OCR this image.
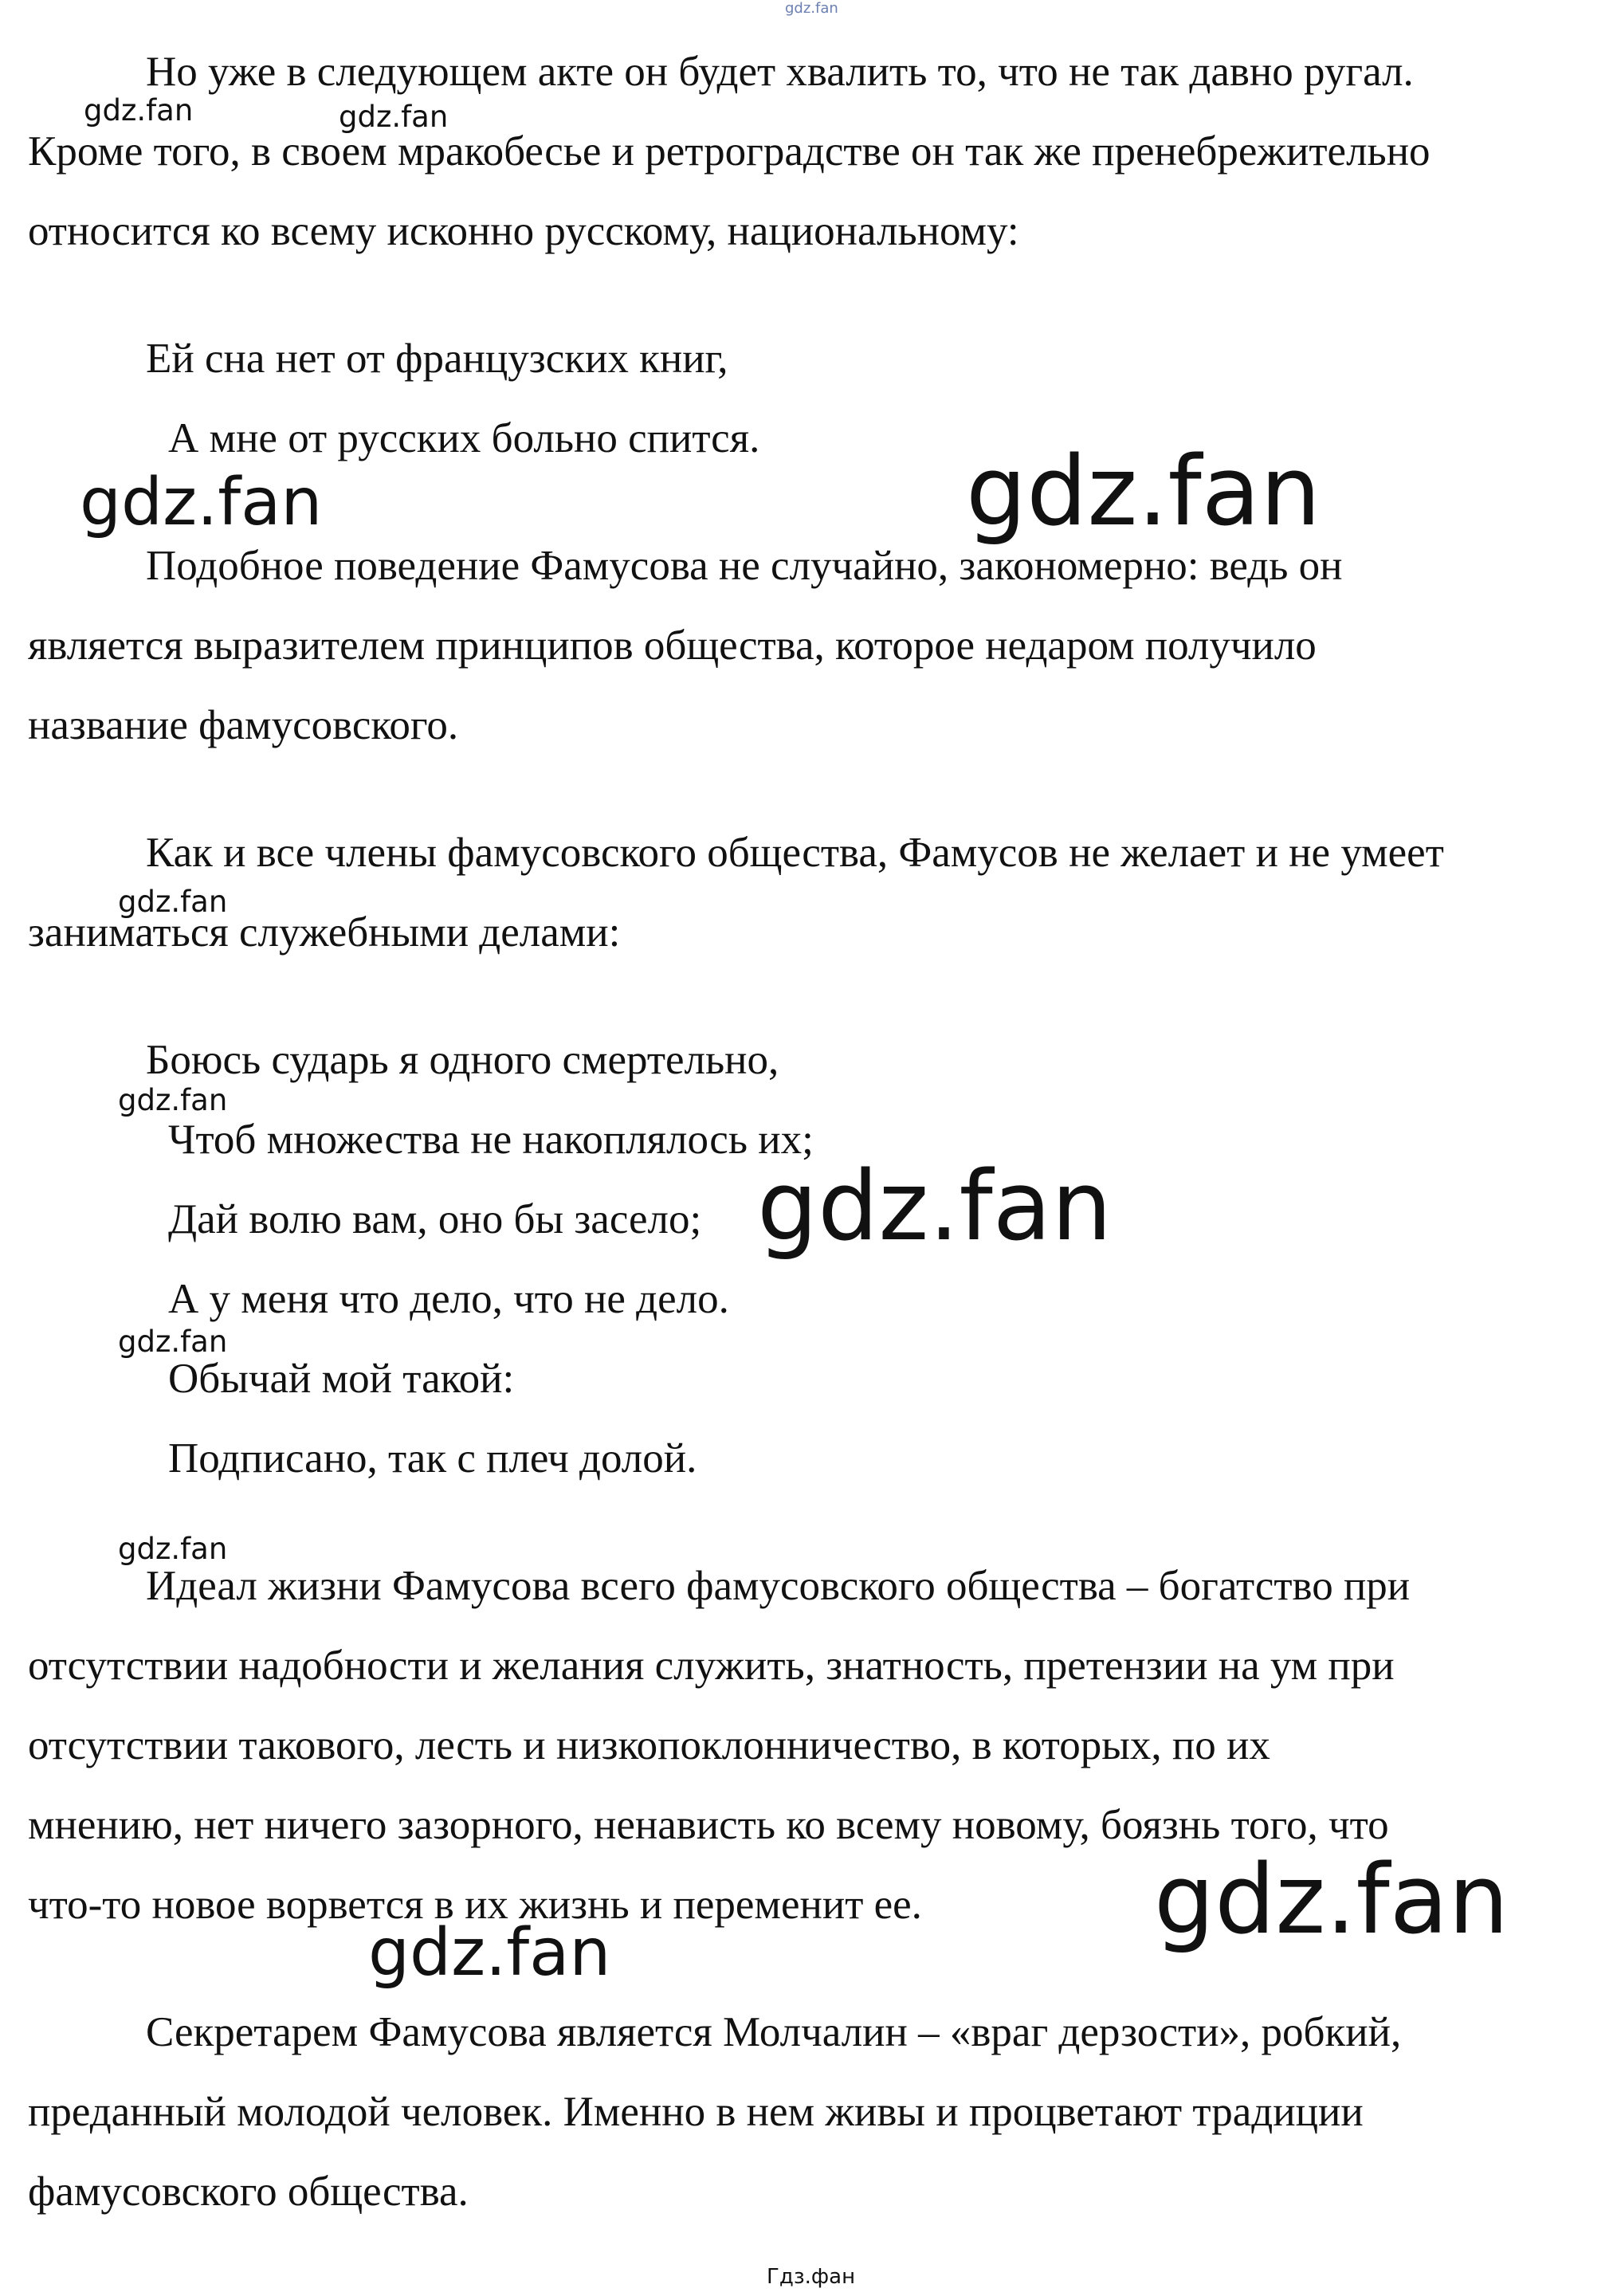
gdz.fan
Но уже в следующем акте он будет хвалить то, что не так давно ругал.
Кроме того, в своем мракобесье и ретроградстве он так же пренебрежительно
относится ко всему исконно русскому, национальному:
Ей сна нет от французских книг,
А мне от русских больно спится.
Подобное поведение Фамусова не случайно, закономерно: ведь он
является выразителем принципов общества, которое недаром получило
название фамусовского.
Как и все члены фамусовского общества, Фамусов не желает и не умеет
заниматься служебными делами:
Боюсь сударь я одного смертельно,
Чтоб множества не накоплялось их;
Дай волю вам, оно бы засело;
А у меня что дело, что не дело.
Обычай мой такой:
Подписано, так с плеч долой.
Идеал жизни Фамусова всего фамусовского общества – богатство при
отсутствии надобности и желания служить, знатность, претензии на ум при
отсутствии такового, лесть и низкопоклонничество, в которых, по их
мнению, нет ничего зазорного, ненависть ко всему новому, боязнь того, что
что-то новое ворвется в их жизнь и переменит ее.
Секретарем Фамусова является Молчалин – «враг дерзости», робкий,
преданный молодой человек. Именно в нем живы и процветают традиции
фамусовского общества.
gdz.fan	gdz.fan
gdz.fan	gdz.fan
gdz.fan
gdz.fan
gdz.fan
gdz.fan
gdz.fan
gdz.fan
gdz.fan
Гдз.фан
